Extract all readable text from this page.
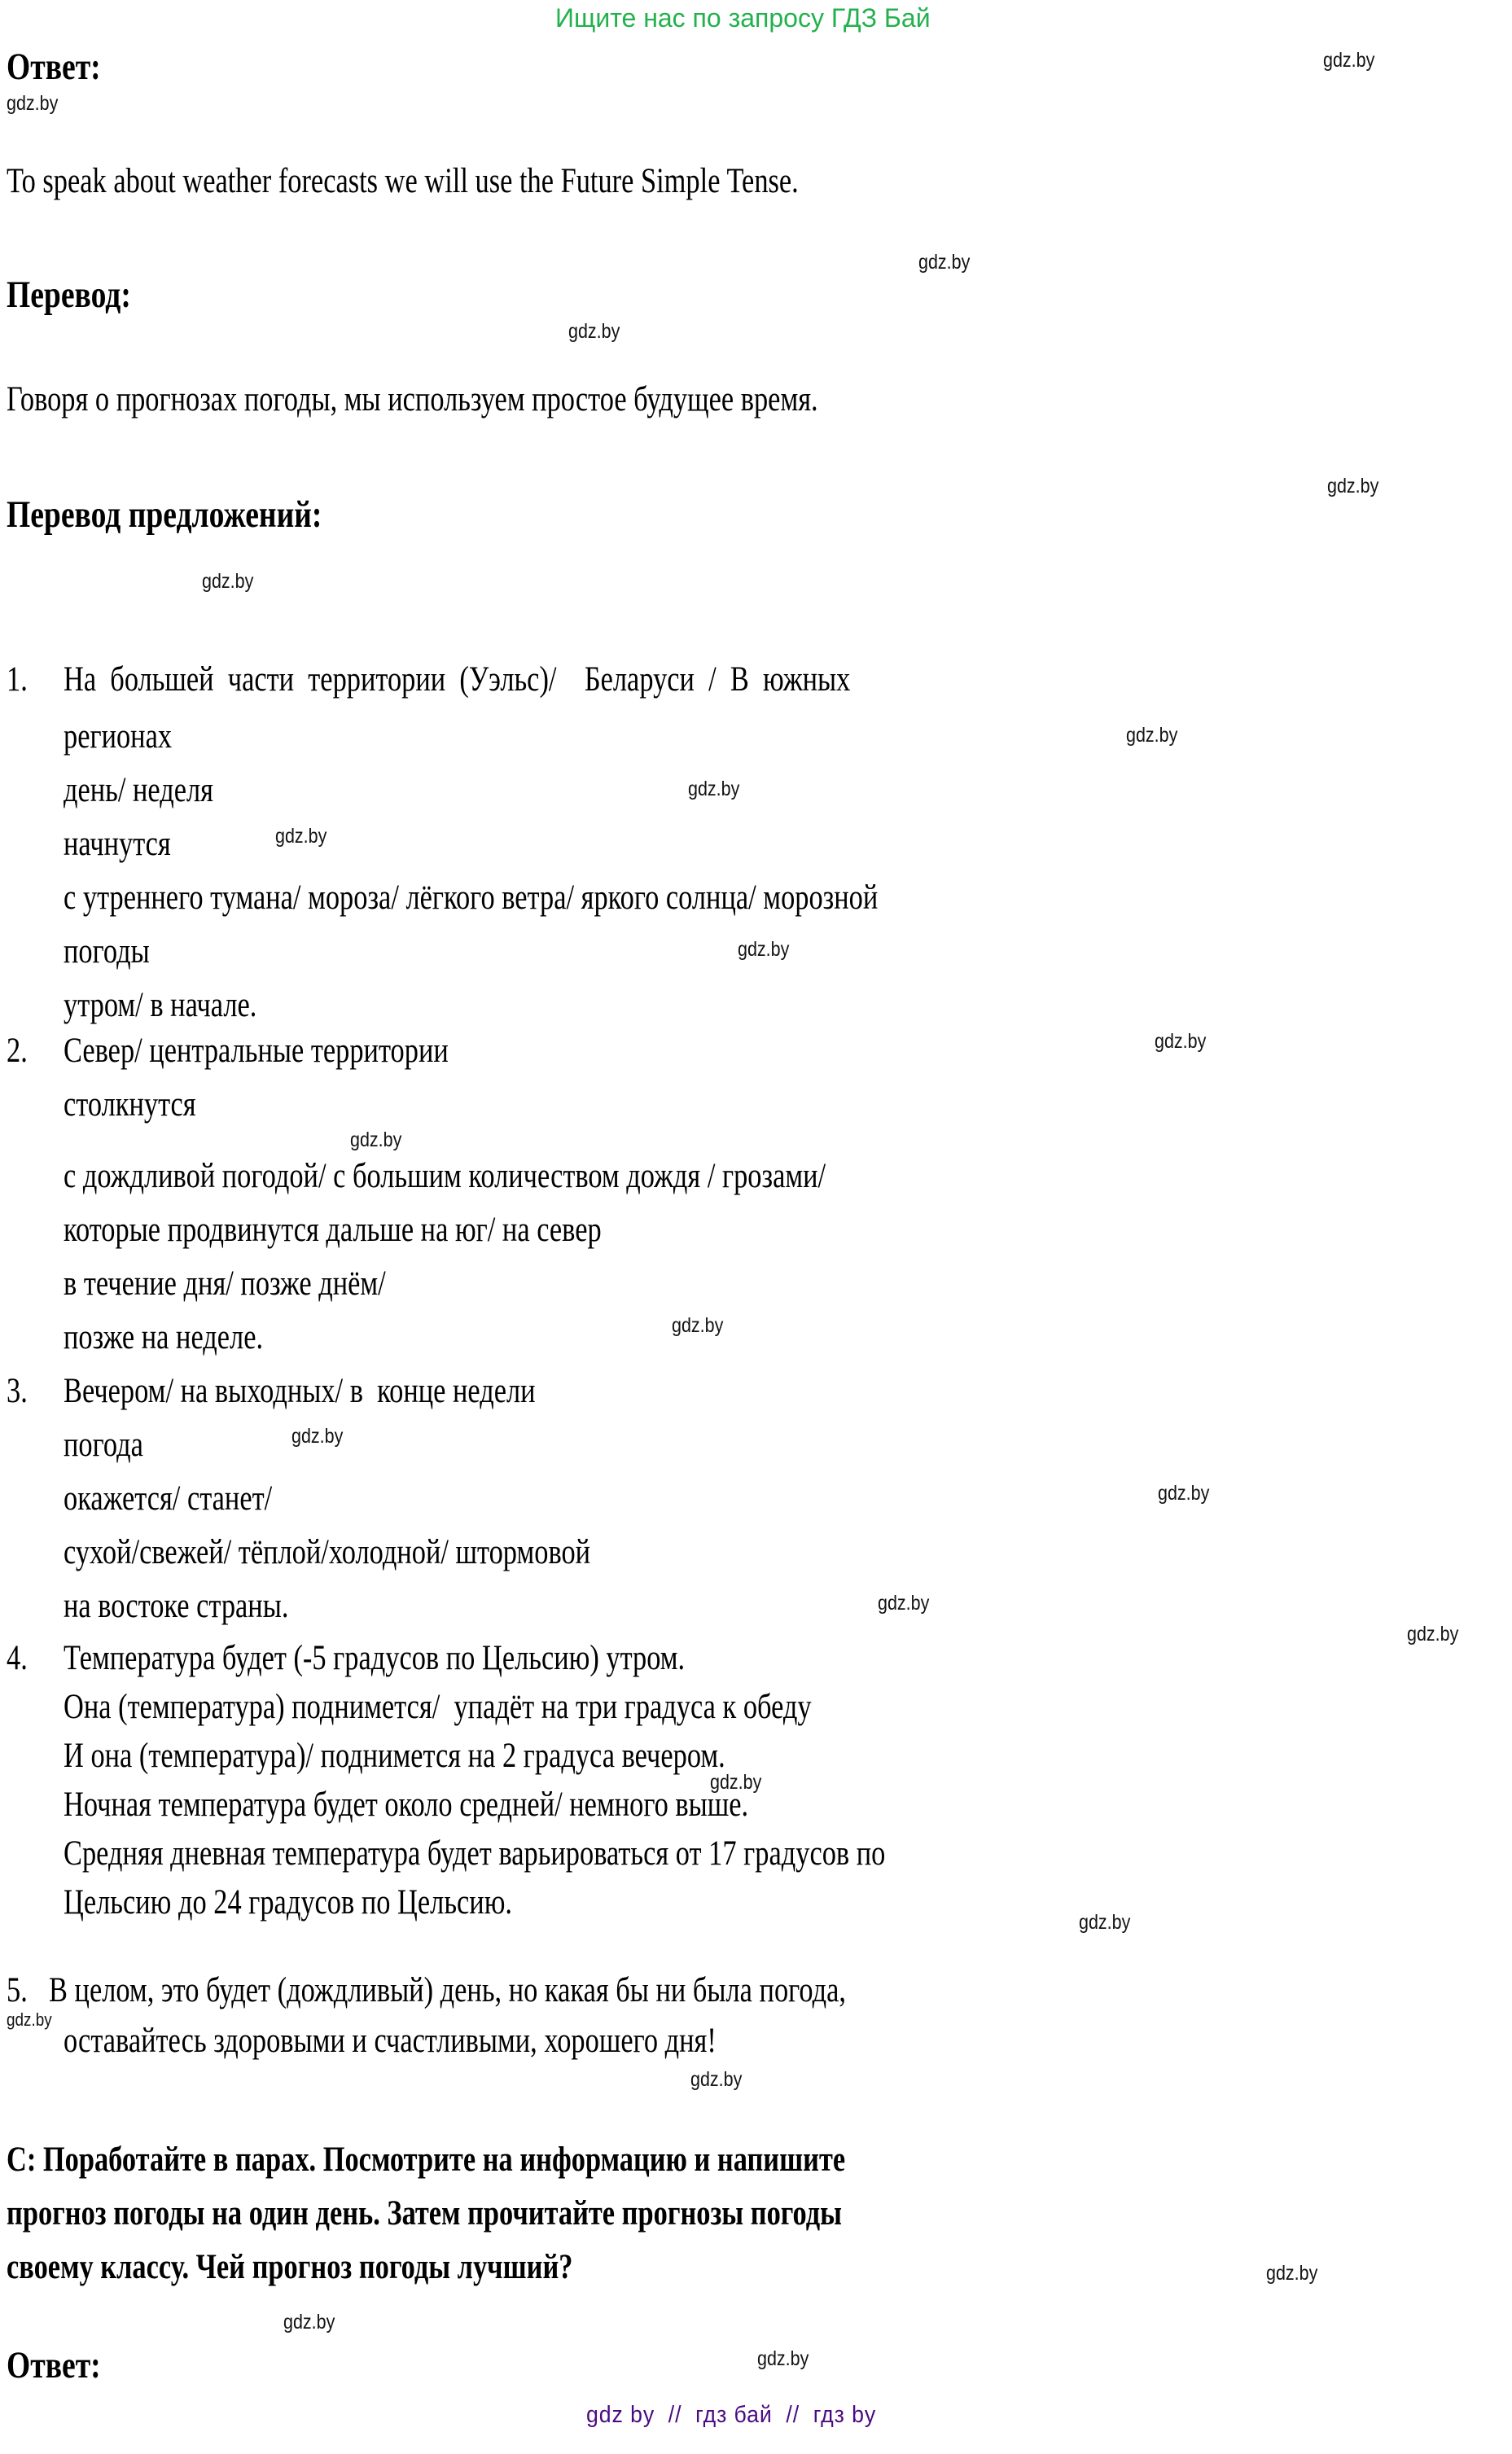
Ищите нас по запросу ГДЗ Бай
gdz.by
Ответ:
gdz.by
To speak about weather forecasts we will use the Future Simple Tense.
gdz.by
Перевод:
gdz.by
Говоря о прогнозах погоды, мы используем простое будущее время.
gdz.by
Перевод предложений:
gdz.by
1. На  большей  части  территории  (Уэльс)/    Беларуси  /  В  южных
регионах	gdz.by
день/ неделя	gdz.by
начнутся	gdz.by
с утреннего тумана/ мороза/ лёгкого ветра/ яркого солнца/ морозной
погоды	gdz.by
утром/ в начале.
2. Север/ центральные территории	gdz.by
столкнутся
gdz.by
с дождливой погодой/ с большим количеством дождя / грозами/
которые продвинутся дальше на юг/ на север
в течение дня/ позже днём/
gdz.by
позже на неделе.
3. Вечером/ на выходных/ в  конце недели
погода	gdz.by
окажется/ станет/	gdz.by
сухой/свежей/ тёплой/холодной/ штормовой
gdz.by
на востоке страны.
gdz.by
4. Температура будет (-5 градусов по Цельсию) утром.
Она (температура) поднимется/  упадёт на три градуса к обеду
И она (температура)/ поднимется на 2 градуса вечером.
gdz.by
Ночная температура будет около средней/ немного выше.
Средняя дневная температура будет варьироваться от 17 градусов по
gdz.by
Цельсию до 24 градусов по Цельсию.
5. В целом, это будет (дождливый) день, но какая бы ни была погода,
gdz.by
оставайтесь здоровыми и счастливыми, хорошего дня!
gdz.by
С: Поработайте в парах. Посмотрите на информацию и напишите
прогноз погоды на один день. Затем прочитайте прогнозы погоды
своему классу. Чей прогноз погоды лучший?	gdz.by
gdz.by
Ответ:	gdz.by
gdz by  //  гдз бай  //  гдз by
